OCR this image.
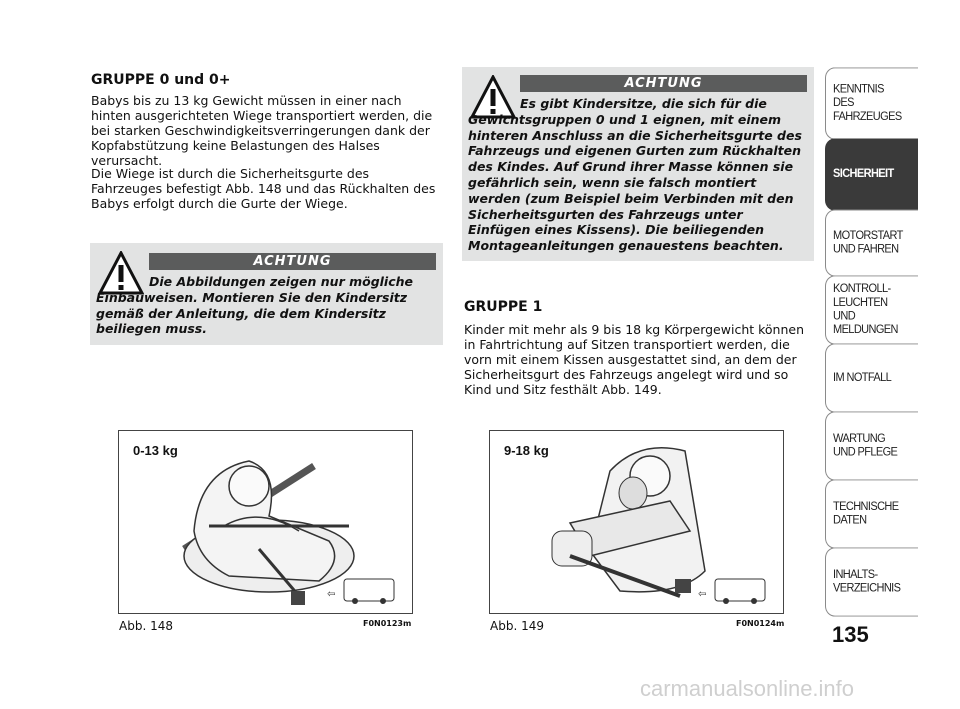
GRUPPE 0 und 0+

Babys bis zu 13 kg Gewicht müssen in einer nach hinten ausgerichteten Wiege transportiert werden, die bei starken Geschwindigkeitsverringerungen dank der Kopfabstützung keine Belastungen des Halses verursacht.

Die Wiege ist durch die Sicherheitsgurte des Fahrzeuges befestigt Abb. 148 und das Rückhalten des Babys erfolgt durch die Gurte der Wiege.

ACHTUNG
Die Abbildungen zeigen nur mögliche Einbauweisen. Montieren Sie den Kindersitz gemäß der Anleitung, die dem Kindersitz beiliegen muss.
ACHTUNG
Es gibt Kindersitze, die sich für die Gewichtsgruppen 0 und 1 eignen, mit einem hinteren Anschluss an die Sicherheitsgurte des Fahrzeugs und eigenen Gurten zum Rückhalten des Kindes. Auf Grund ihrer Masse können sie gefährlich sein, wenn sie falsch montiert werden (zum Beispiel beim Verbinden mit den Sicherheitsgurten des Fahrzeugs unter Einfügen eines Kissens). Die beiliegenden Montageanleitungen genauestens beachten.
GRUPPE 1

Kinder mit mehr als 9 bis 18 kg Körpergewicht können in Fahrtrichtung auf Sitzen transportiert werden, die vorn mit einem Kissen ausgestattet sind, an dem der Sicherheitsgurt des Fahrzeugs angelegt wird und so Kind und Sitz festhält Abb. 149.

0-13 kg
⇦
Abb. 148	F0N0123m
9-18 kg
⇦
Abb. 149	F0N0124m
KENNTNIS
DES FAHRZEUGES
SICHERHEIT
MOTORSTART
UND FAHREN
KONTROLL-
LEUCHTEN
UND MELDUNGEN
IM NOTFALL
WARTUNG
UND PFLEGE
TECHNISCHE
DATEN
INHALTS-
VERZEICHNIS
135
carmanualsonline.info
